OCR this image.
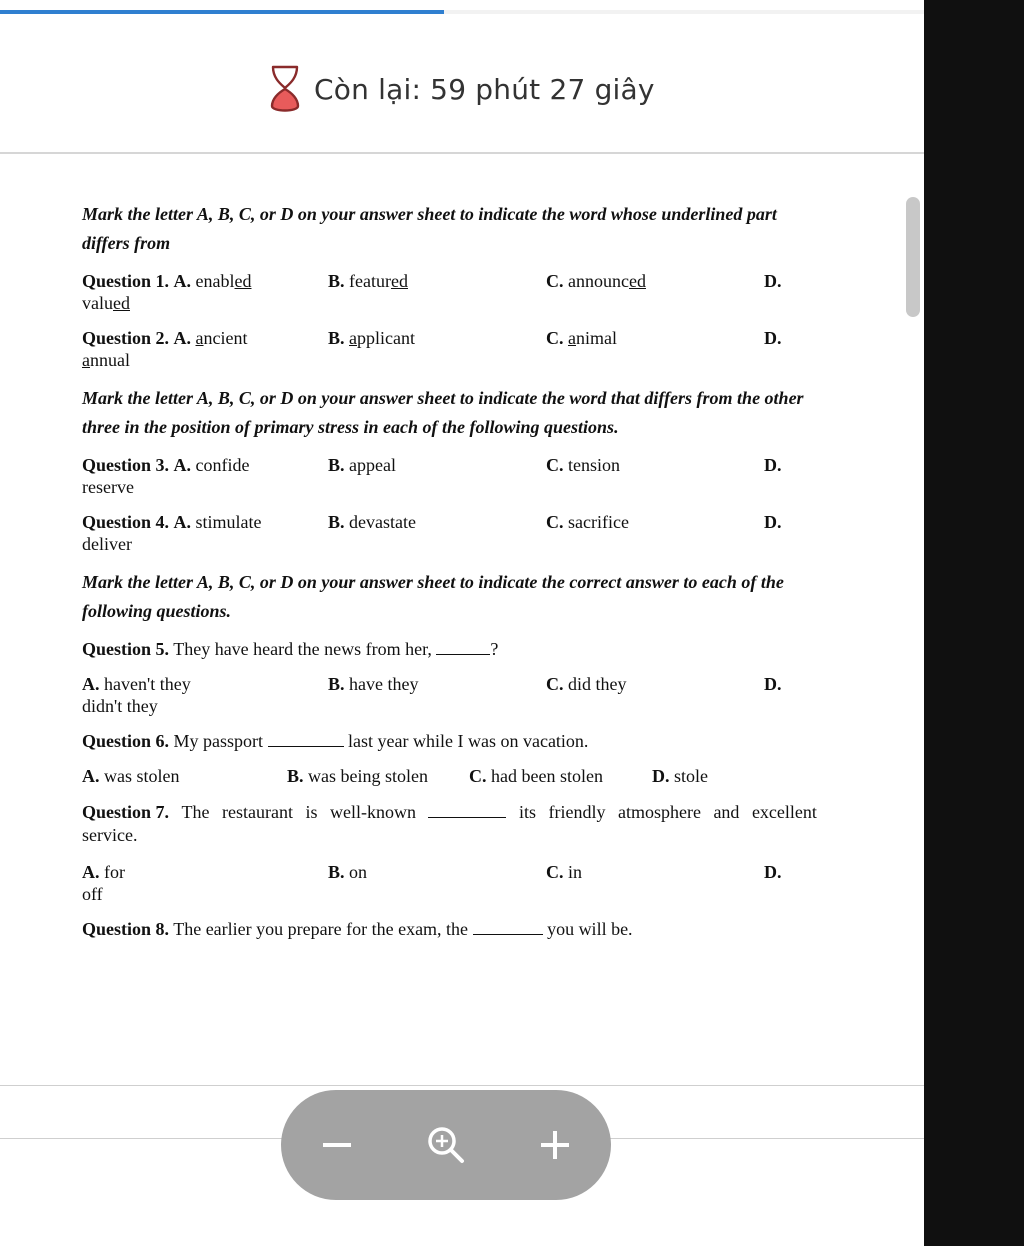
Còn lại: 59 phút 27 giây

Mark the letter A, B, C, or D on your answer sheet to indicate the word whose underlined part differs from

Question 1. A. enabled	B. featured	C. announced	D.
valued
Question 2. A. ancient	B. applicant	C. animal	D.
annual

Mark the letter A, B, C, or D on your answer sheet to indicate the word that differs from the other three in the position of primary stress in each of the following questions.

Question 3. A. confide	B. appeal	C. tension	D.
reserve
Question 4. A. stimulate	B. devastate	C. sacrifice	D.
deliver

Mark the letter A, B, C, or D on your answer sheet to indicate the correct answer to each of the following questions.

Question 5. They have heard the news from her,	?

A. haven't they	B. have they	C. did they	D.
didn't they

Question 6. My passport	last year while I was on vacation.

A. was stolen	B. was being stolen C. had been stolen	D. stole
Question 7. The restaurant is well-known	its friendly atmosphere and excellent
service.
A. for	B. on	C. in	D.
off

Question 8. The earlier you prepare for the exam, the	you will be.
